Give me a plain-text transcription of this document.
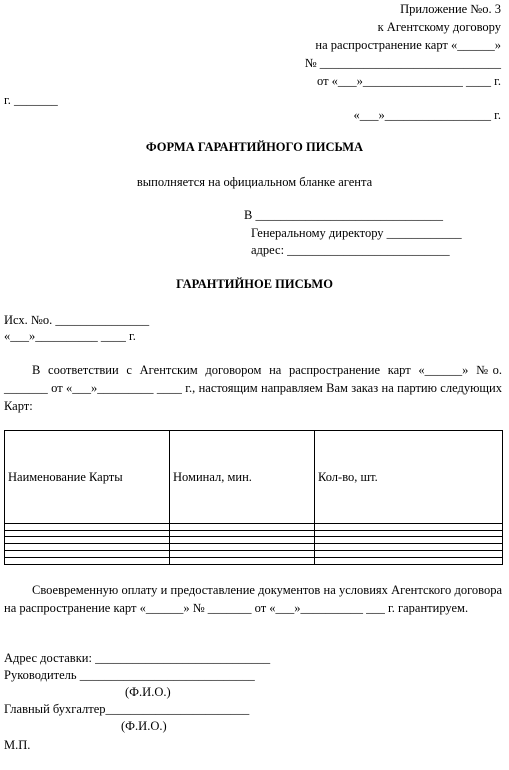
Приложение №о. 3
к Агентскому договору
на распространение карт «______»
№ _____________________________
от «___»________________ ____ г.
г. _______
«___»_________________ г.
ФОРМА ГАРАНТИЙНОГО ПИСЬМА
выполняется на официальном бланке агента
В ______________________________
Генеральному директору ____________
адрес: __________________________
ГАРАНТИЙНОЕ ПИСЬМО
Исх. №о. _______________
«___»__________ ____ г.
В соответствии с Агентским договором на распространение карт «______» №о. _______ от «___»_________ ____ г., настоящим направляем Вам заказ на партию следующих Карт:
Наименование Карты	Номинал, мин.	Кол-во, шт.

Своевременную оплату и предоставление документов на условиях Агентского договора на распространение карт «______» № _______ от «___»__________ ___ г. гарантируем.
Адрес доставки: ____________________________
Руководитель ____________________________
(Ф.И.О.)
Главный бухгалтер_______________________
(Ф.И.О.)
М.П.
